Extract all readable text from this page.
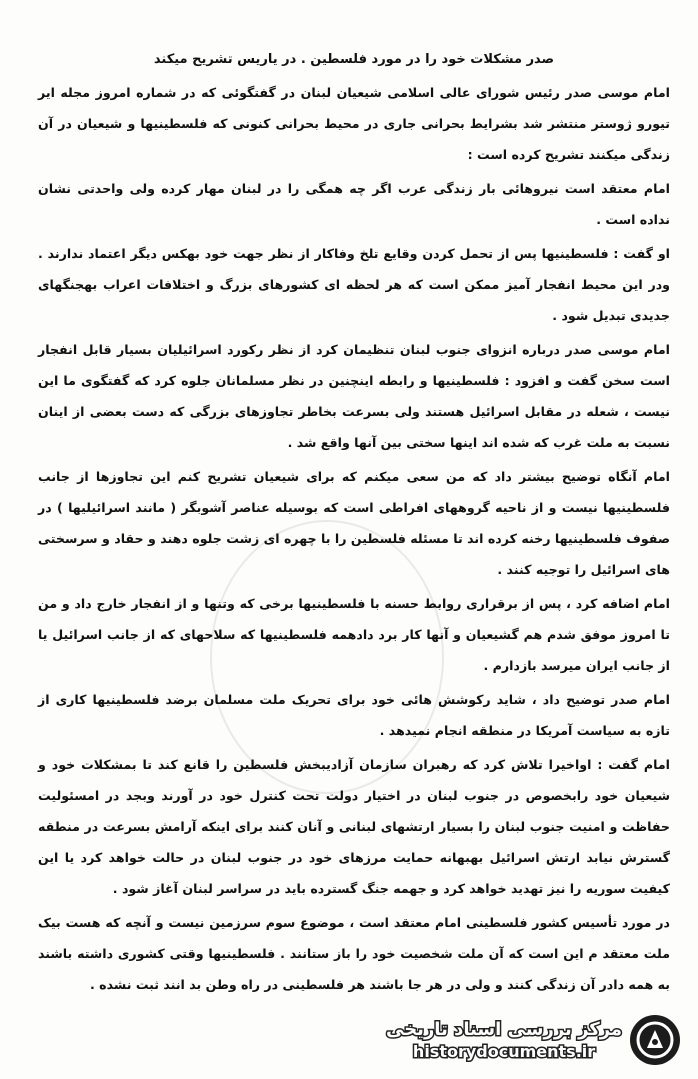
صدر مشکلات خود را در مورد فلسطین . در یاریس تشریح میکند
امام موسی صدر رئیس شورای عالی اسلامی شیعیان لبنان در گفتگوئی که در شماره امروز مجله ایر تیورو ژوستر منتشر شد بشرایط بحرانی جاری در محیط بحرانی کنونی که فلسطینیها و شیعیان در آن زندگی میکنند تشریح کرده است :
امام معتقد است نیروهائی بار زندگی عرب اگر چه همگی را در لبنان مهار کرده ولی واحدتی نشان نداده است .
او گفت : فلسطینیها پس از تحمل کردن وقایع تلخ وفاکار از نظر جهت خود بهکس دیگر اعتماد ندارند . ودر این محیط انفجار آمیز ممکن است که هر لحظه ای کشورهای بزرگ و اختلافات اعراب بهجنگهای جدیدی تبدیل شود .
امام موسی صدر درباره انزوای جنوب لبنان تنظیمان کرد از نظر رکورد اسرائیلیان بسیار قابل انفجار است سخن گفت و افزود : فلسطینیها و رابطه اینچنین در نظر مسلمانان جلوه کرد که گفتگوی ما این نیست ، شعله در مقابل اسرائیل هستند ولی بسرعت بخاطر تجاوزهای بزرگی که دست بعضی از اینان نسبت به ملت غرب که شده اند اینها سختی بین آنها واقع شد .
امام آنگاه توضیح بیشتر داد که من سعی میکنم که برای شیعیان تشریح کنم این تجاوزها از جانب فلسطینیها نیست و از ناحیه گروههای افراطی است که بوسیله عناصر آشوبگر ( مانند اسرائیلیها ) در صفوف فلسطینیها رخنه کرده اند تا مسئله فلسطین را با چهره ای زشت جلوه دهند و حقاد و سرسختی های اسرائیل را توجیه کنند .
امام اضافه کرد ، پس از برقراری روابط حسنه با فلسطینیها برخی که وتنها و از انفجار خارج داد و من تا امروز موفق شدم هم گشیعیان و آنها کار برد دادهمه فلسطینیها که سلاحهای که از جانب اسرائیل یا از جانب ایران میرسد بازدارم .
امام صدر توضیح داد ، شاید رکوشش هائی خود برای تحریک ملت مسلمان برضد فلسطینیها کاری از تازه به سیاست آمریکا در منطقه انجام نمیدهد .
امام گفت : اواخیرا تلاش کرد که رهبران سازمان آزادیبخش فلسطین را قانع کند تا بمشکلات خود و شیعیان خود رابخصوص در جنوب لبنان در اختیار دولت تحت کنترل خود در آورند وبجد در امسئولیت حفاظت و امنیت جنوب لبنان را بسیار ارتشهای لبنانی و آنان کنند برای اینکه آرامش بسرعت در منطقه گسترش نیابد ارتش اسرائیل بهبهانه حمایت مرزهای خود در جنوب لبنان در حالت خواهد کرد یا این کیفیت سوریه را نیز تهدید خواهد کرد و جهمه جنگ گسترده باید در سراسر لبنان آغاز شود .
در مورد تأسیس کشور فلسطینی امام معتقد است ، موضوع سوم سرزمین نیست و آنچه که هست بیک ملت معتقد م این است که آن ملت شخصیت خود را باز ستانند . فلسطینیها وقتی کشوری داشته باشند به همه دادر آن زندگی کنند و ولی در هر جا باشند هر فلسطینی در راه وطن بد انند ثبت نشده .
مرکز بررسی اسناد تاریخی
historydocuments.ir
